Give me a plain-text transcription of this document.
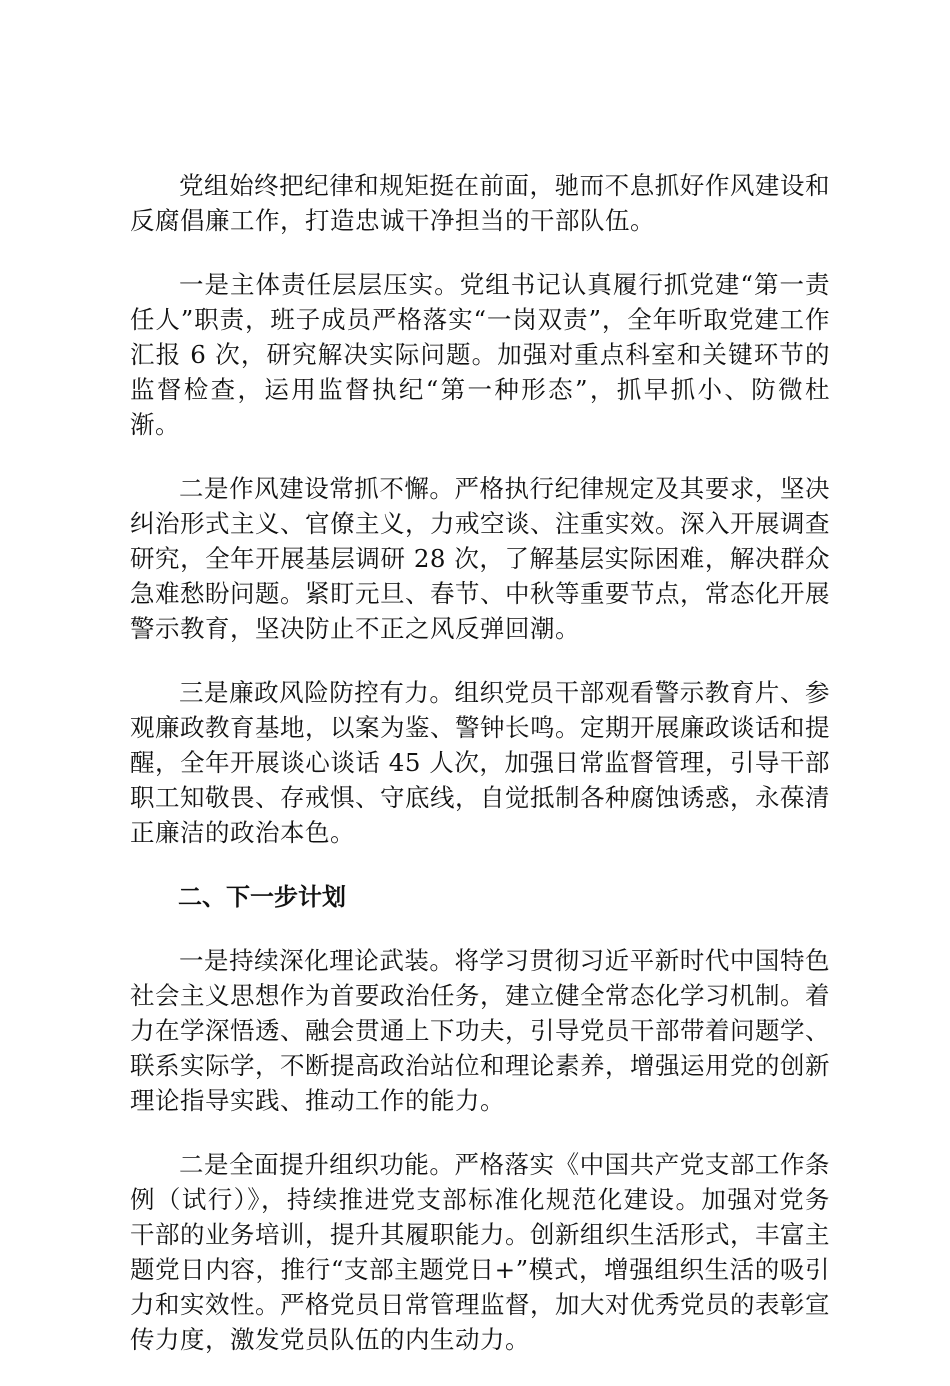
党组始终把纪律和规矩挺在前面，驰而不息抓好作风建设和反腐倡廉工作，打造忠诚干净担当的干部队伍。

一是主体责任层层压实。党组书记认真履行抓党建“第一责任人”职责，班子成员严格落实“一岗双责”，全年听取党建工作汇报 6 次，研究解决实际问题。加强对重点科室和关键环节的监督检查，运用监督执纪“第一种形态”，抓早抓小、防微杜渐。

二是作风建设常抓不懈。严格执行纪律规定及其要求，坚决纠治形式主义、官僚主义，力戒空谈、注重实效。深入开展调查研究，全年开展基层调研 28 次，了解基层实际困难，解决群众急难愁盼问题。紧盯元旦、春节、中秋等重要节点，常态化开展警示教育，坚决防止不正之风反弹回潮。

三是廉政风险防控有力。组织党员干部观看警示教育片、参观廉政教育基地，以案为鉴、警钟长鸣。定期开展廉政谈话和提醒，全年开展谈心谈话 45 人次，加强日常监督管理，引导干部职工知敬畏、存戒惧、守底线，自觉抵制各种腐蚀诱惑，永葆清正廉洁的政治本色。

二、下一步计划

一是持续深化理论武装。将学习贯彻习近平新时代中国特色社会主义思想作为首要政治任务，建立健全常态化学习机制。着力在学深悟透、融会贯通上下功夫，引导党员干部带着问题学、联系实际学，不断提高政治站位和理论素养，增强运用党的创新理论指导实践、推动工作的能力。

二是全面提升组织功能。严格落实《中国共产党支部工作条例（试行）》，持续推进党支部标准化规范化建设。加强对党务干部的业务培训，提升其履职能力。创新组织生活形式，丰富主题党日内容，推行“支部主题党日+”模式，增强组织生活的吸引力和实效性。严格党员日常管理监督，加大对优秀党员的表彰宣传力度，激发党员队伍的内生动力。
